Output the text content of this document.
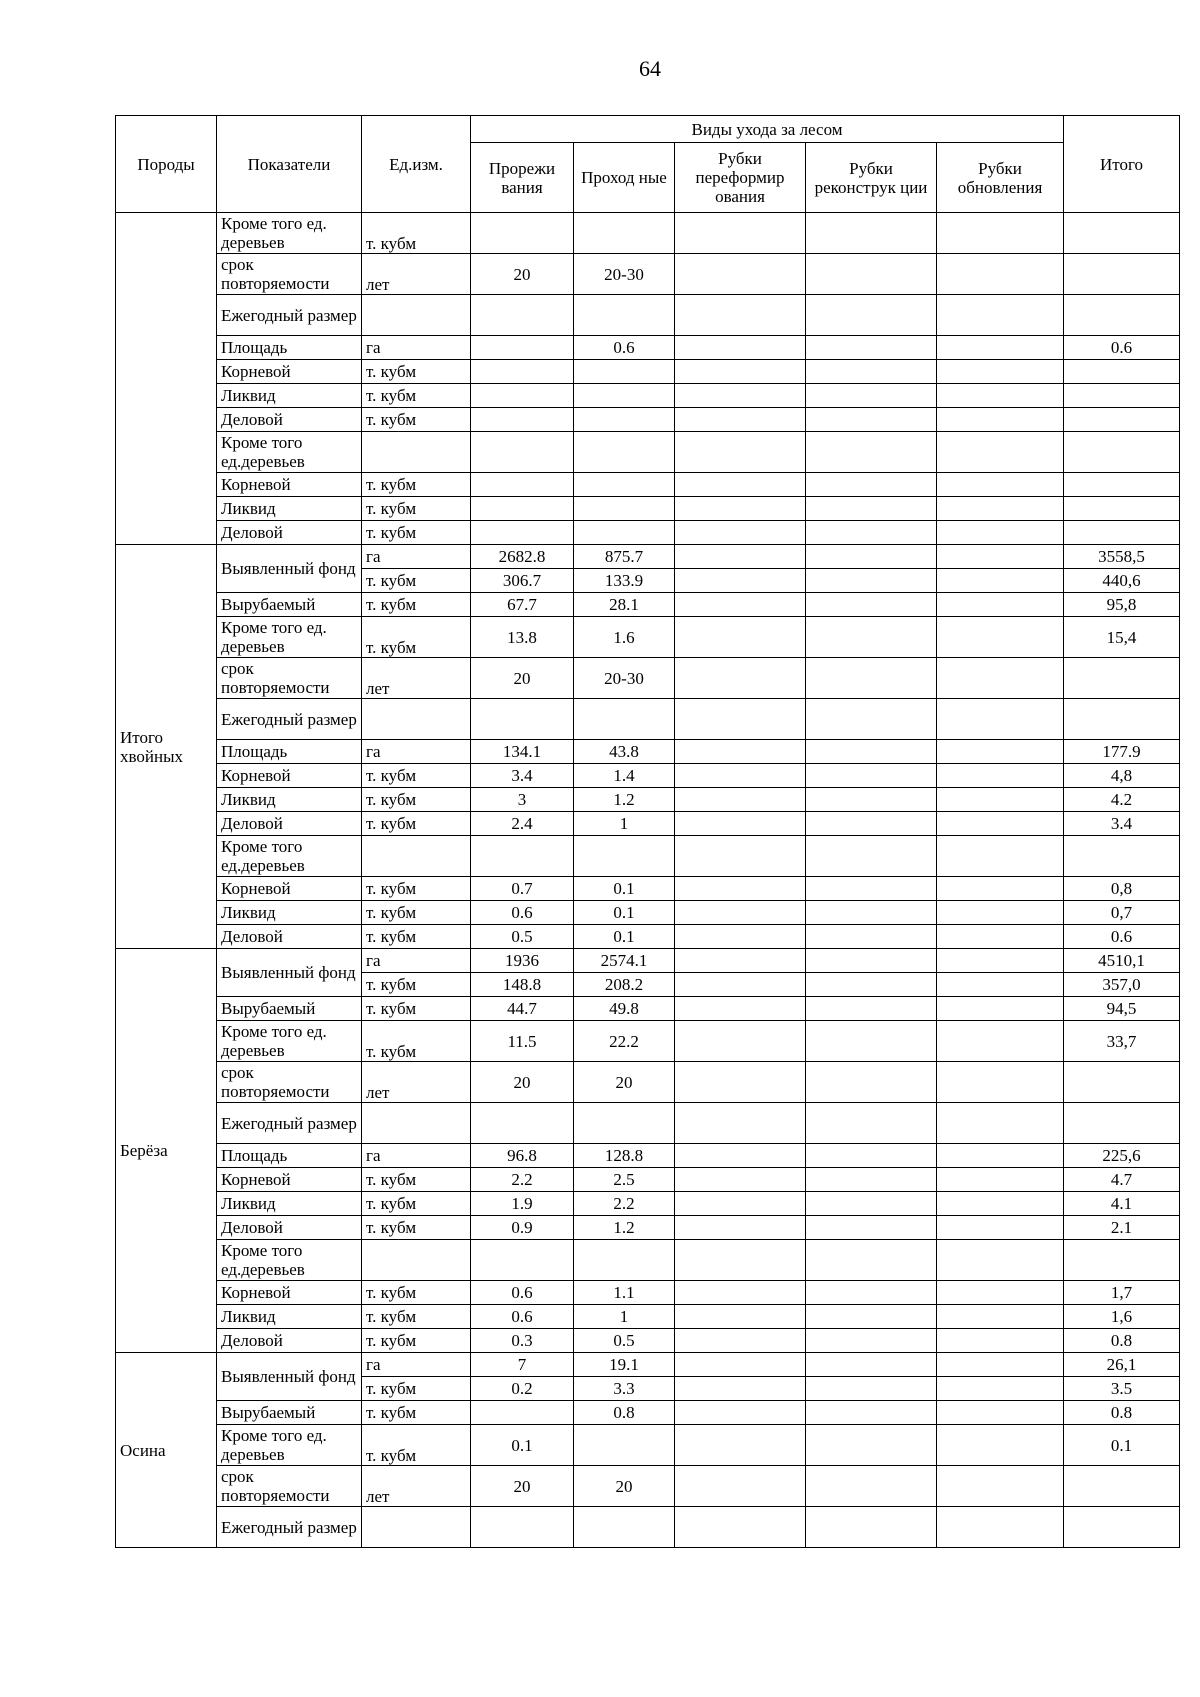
64
Породы	Показатели	Ед.изм.	Виды ухода за лесом					Итого
			Прорежи вания	Проход ные	Рубки переформир ования	Рубки реконструк ции	Рубки обновления	
	Кроме того ед. деревьев	т. кубм						
	срок повторяемости	лет	20	20-30				
	Ежегодный размер							
	Площадь	га		0.6				0.6
	Корневой	т. кубм						
	Ликвид	т. кубм						
	Деловой	т. кубм						
	Кроме того ед.деревьев							
	Корневой	т. кубм						
	Ликвид	т. кубм						
	Деловой	т. кубм						
Итого хвойных	Выявленный фонд	га	2682.8	875.7				3558,5
		т. кубм	306.7	133.9				440,6
	Вырубаемый	т. кубм	67.7	28.1				95,8
	Кроме того ед. деревьев	т. кубм	13.8	1.6				15,4
	срок повторяемости	лет	20	20-30				
	Ежегодный размер							
	Площадь	га	134.1	43.8				177.9
	Корневой	т. кубм	3.4	1.4				4,8
	Ликвид	т. кубм	3	1.2				4.2
	Деловой	т. кубм	2.4	1				3.4
	Кроме того ед.деревьев							
	Корневой	т. кубм	0.7	0.1				0,8
	Ликвид	т. кубм	0.6	0.1				0,7
	Деловой	т. кубм	0.5	0.1				0.6
Берёза	Выявленный фонд	га	1936	2574.1				4510,1
		т. кубм	148.8	208.2				357,0
	Вырубаемый	т. кубм	44.7	49.8				94,5
	Кроме того ед. деревьев	т. кубм	11.5	22.2				33,7
	срок повторяемости	лет	20	20				
	Ежегодный размер							
	Площадь	га	96.8	128.8				225,6
	Корневой	т. кубм	2.2	2.5				4.7
	Ликвид	т. кубм	1.9	2.2				4.1
	Деловой	т. кубм	0.9	1.2				2.1
	Кроме того ед.деревьев							
	Корневой	т. кубм	0.6	1.1				1,7
	Ликвид	т. кубм	0.6	1				1,6
	Деловой	т. кубм	0.3	0.5				0.8
Осина	Выявленный фонд	га	7	19.1				26,1
		т. кубм	0.2	3.3				3.5
	Вырубаемый	т. кубм		0.8				0.8
	Кроме того ед. деревьев	т. кубм	0.1					0.1
	срок повторяемости	лет	20	20				
	Ежегодный размер							
